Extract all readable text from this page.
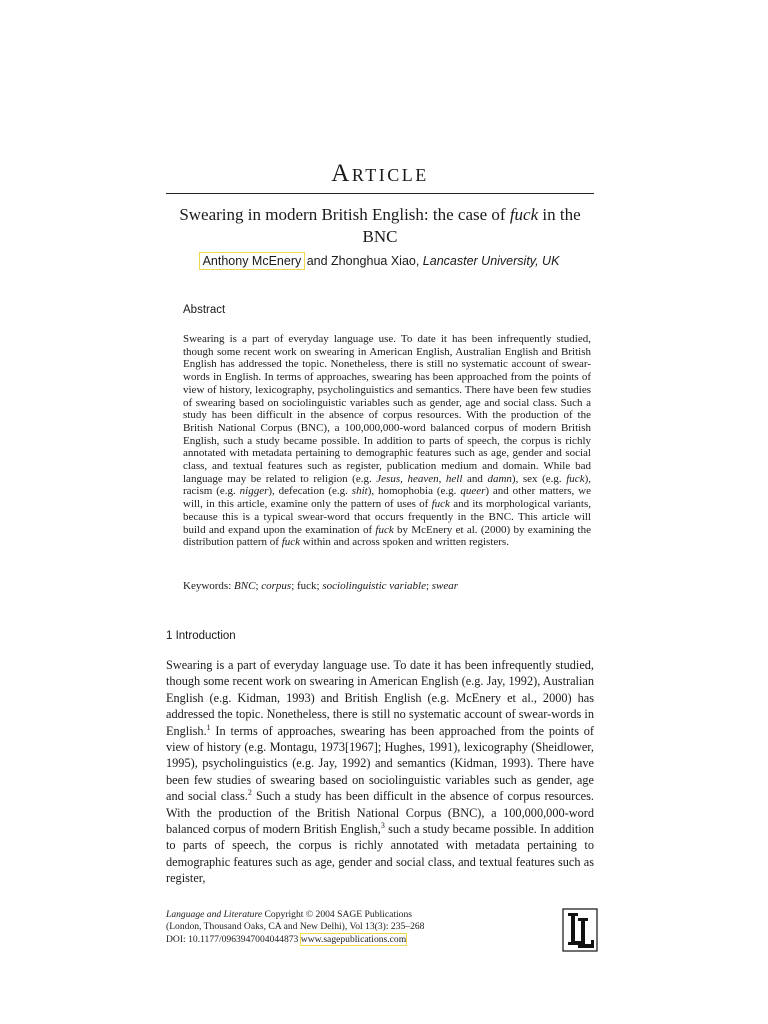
Article
Swearing in modern British English: the case of fuck in the BNC
Anthony McEnery and Zhonghua Xiao, Lancaster University, UK
Abstract

Swearing is a part of everyday language use. To date it has been infrequently studied, though some recent work on swearing in American English, Australian English and British English has addressed the topic. Nonetheless, there is still no systematic account of swear-words in English. In terms of approaches, swearing has been approached from the points of view of history, lexicography, psycholinguistics and semantics. There have been few studies of swearing based on sociolinguistic variables such as gender, age and social class. Such a study has been difficult in the absence of corpus resources. With the production of the British National Corpus (BNC), a 100,000,000-word balanced corpus of modern British English, such a study became possible. In addition to parts of speech, the corpus is richly annotated with metadata pertaining to demographic features such as age, gender and social class, and textual features such as register, publication medium and domain. While bad language may be related to religion (e.g. Jesus, heaven, hell and damn), sex (e.g. fuck), racism (e.g. nigger), defecation (e.g. shit), homophobia (e.g. queer) and other matters, we will, in this article, examine only the pattern of uses of fuck and its morphological variants, because this is a typical swear-word that occurs frequently in the BNC. This article will build and expand upon the examination of fuck by McEnery et al. (2000) by examining the distribution pattern of fuck within and across spoken and written registers.

Keywords: BNC; corpus; fuck; sociolinguistic variable; swear
1 Introduction

Swearing is a part of everyday language use. To date it has been infrequently studied, though some recent work on swearing in American English (e.g. Jay, 1992), Australian English (e.g. Kidman, 1993) and British English (e.g. McEnery et al., 2000) has addressed the topic. Nonetheless, there is still no systematic account of swear-words in English.$^1$ In terms of approaches, swearing has been approached from the points of view of history (e.g. Montagu, 1973[1967]; Hughes, 1991), lexicography (Sheidlower, 1995), psycholinguistics (e.g. Jay, 1992) and semantics (Kidman, 1993). There have been few studies of swearing based on sociolinguistic variables such as gender, age and social class.$^2$ Such a study has been difficult in the absence of corpus resources. With the production of the British National Corpus (BNC), a 100,000,000-word balanced corpus of modern British English,$^3$ such a study became possible. In addition to parts of speech, the corpus is richly annotated with metadata pertaining to demographic features such as age, gender and social class, and textual features such as register,

Language and Literature Copyright © 2004 SAGE Publications
(London, Thousand Oaks, CA and New Delhi), Vol 13(3): 235–268
DOI: 10.1177/0963947004044873 www.sagepublications.com
